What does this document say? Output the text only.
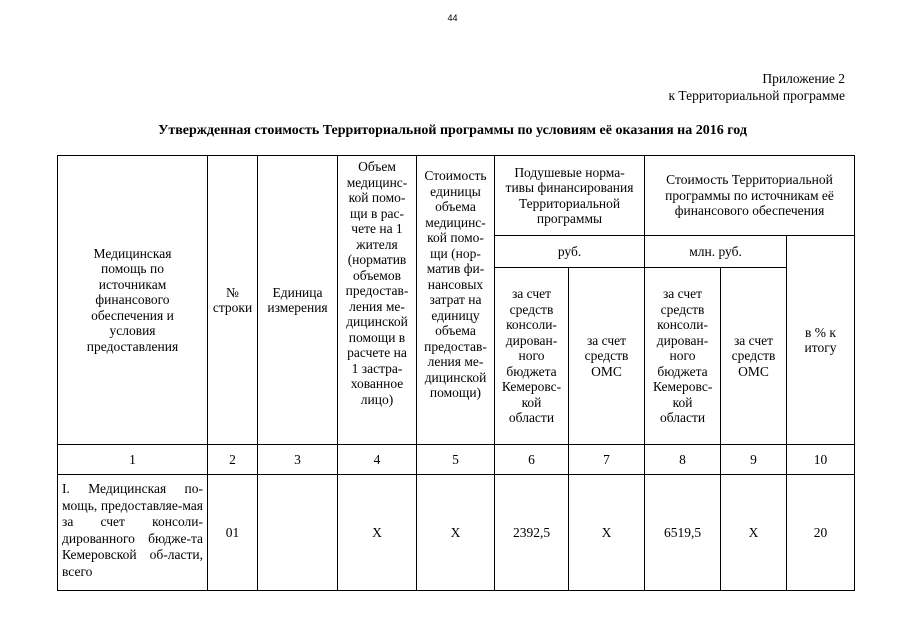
44
Приложение 2
к Территориальной программе
Утвержденная стоимость Территориальной программы по условиям её оказания на 2016 год
Медицинская помощь по источникам финансового обеспечения и условия предоставления	№ строки	Единица измерения	Объем медицинс-кой помо-щи в рас-чете на 1 жителя (норматив объемов предостав-ления ме-дицинской помощи в расчете на 1 застра-хованное лицо)	Стоимость единицы объема медицинс-кой помо-щи (нор-матив фи-нансовых затрат на единицу объема предостав-ления ме-дицинской помощи)	Подушевые норма-тивы финансирования Территориальной программы		Стоимость Территориальной программы по источникам её финансового обеспечения		
					руб.		млн. руб.		в % к итогу
					за счет средств консоли-дирован-ного бюджета Кемеровс-кой области	за счет средств ОМС	за счет средств консоли-дирован-ного бюджета Кемеровс-кой области	за счет средств ОМС	
1	2	3	4	5	6	7	8	9	10
I. Медицинская по-мощь, предоставляе-мая за счет консоли-дированного бюдже-та Кемеровской об-ласти, всего	01		Х	Х	2392,5	Х	6519,5	Х	20
